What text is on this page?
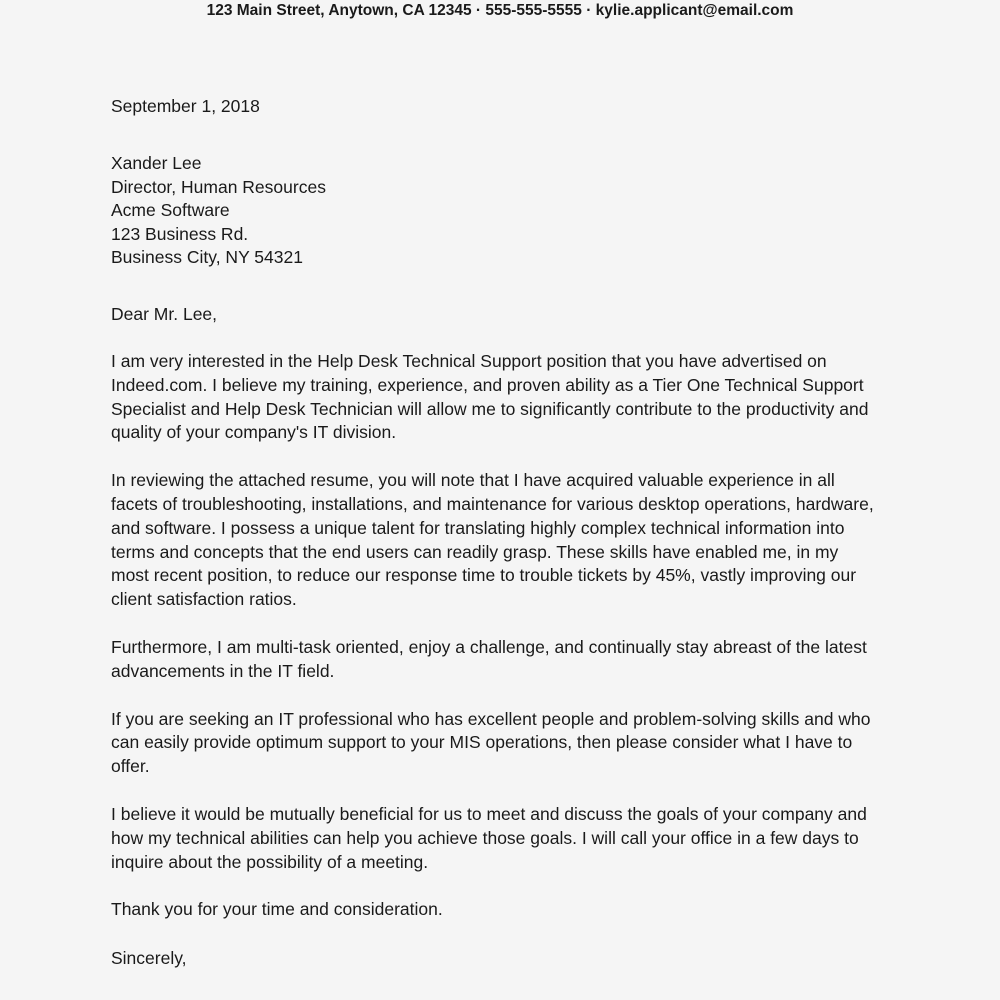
123 Main Street, Anytown, CA 12345 · 555-555-5555 · kylie.applicant@email.com
September 1, 2018
Xander Lee
Director, Human Resources
Acme Software
123 Business Rd.
Business City, NY 54321
Dear Mr. Lee,

I am very interested in the Help Desk Technical Support position that you have advertised on Indeed.com. I believe my training, experience, and proven ability as a Tier One Technical Support Specialist and Help Desk Technician will allow me to significantly contribute to the productivity and quality of your company's IT division.

In reviewing the attached resume, you will note that I have acquired valuable experience in all facets of troubleshooting, installations, and maintenance for various desktop operations, hardware, and software. I possess a unique talent for translating highly complex technical information into terms and concepts that the end users can readily grasp. These skills have enabled me, in my most recent position, to reduce our response time to trouble tickets by 45%, vastly improving our client satisfaction ratios.

Furthermore, I am multi-task oriented, enjoy a challenge, and continually stay abreast of the latest advancements in the IT field.

If you are seeking an IT professional who has excellent people and problem-solving skills and who can easily provide optimum support to your MIS operations, then please consider what I have to offer.

I believe it would be mutually beneficial for us to meet and discuss the goals of your company and how my technical abilities can help you achieve those goals. I will call your office in a few days to inquire about the possibility of a meeting.

Thank you for your time and consideration.

Sincerely,
